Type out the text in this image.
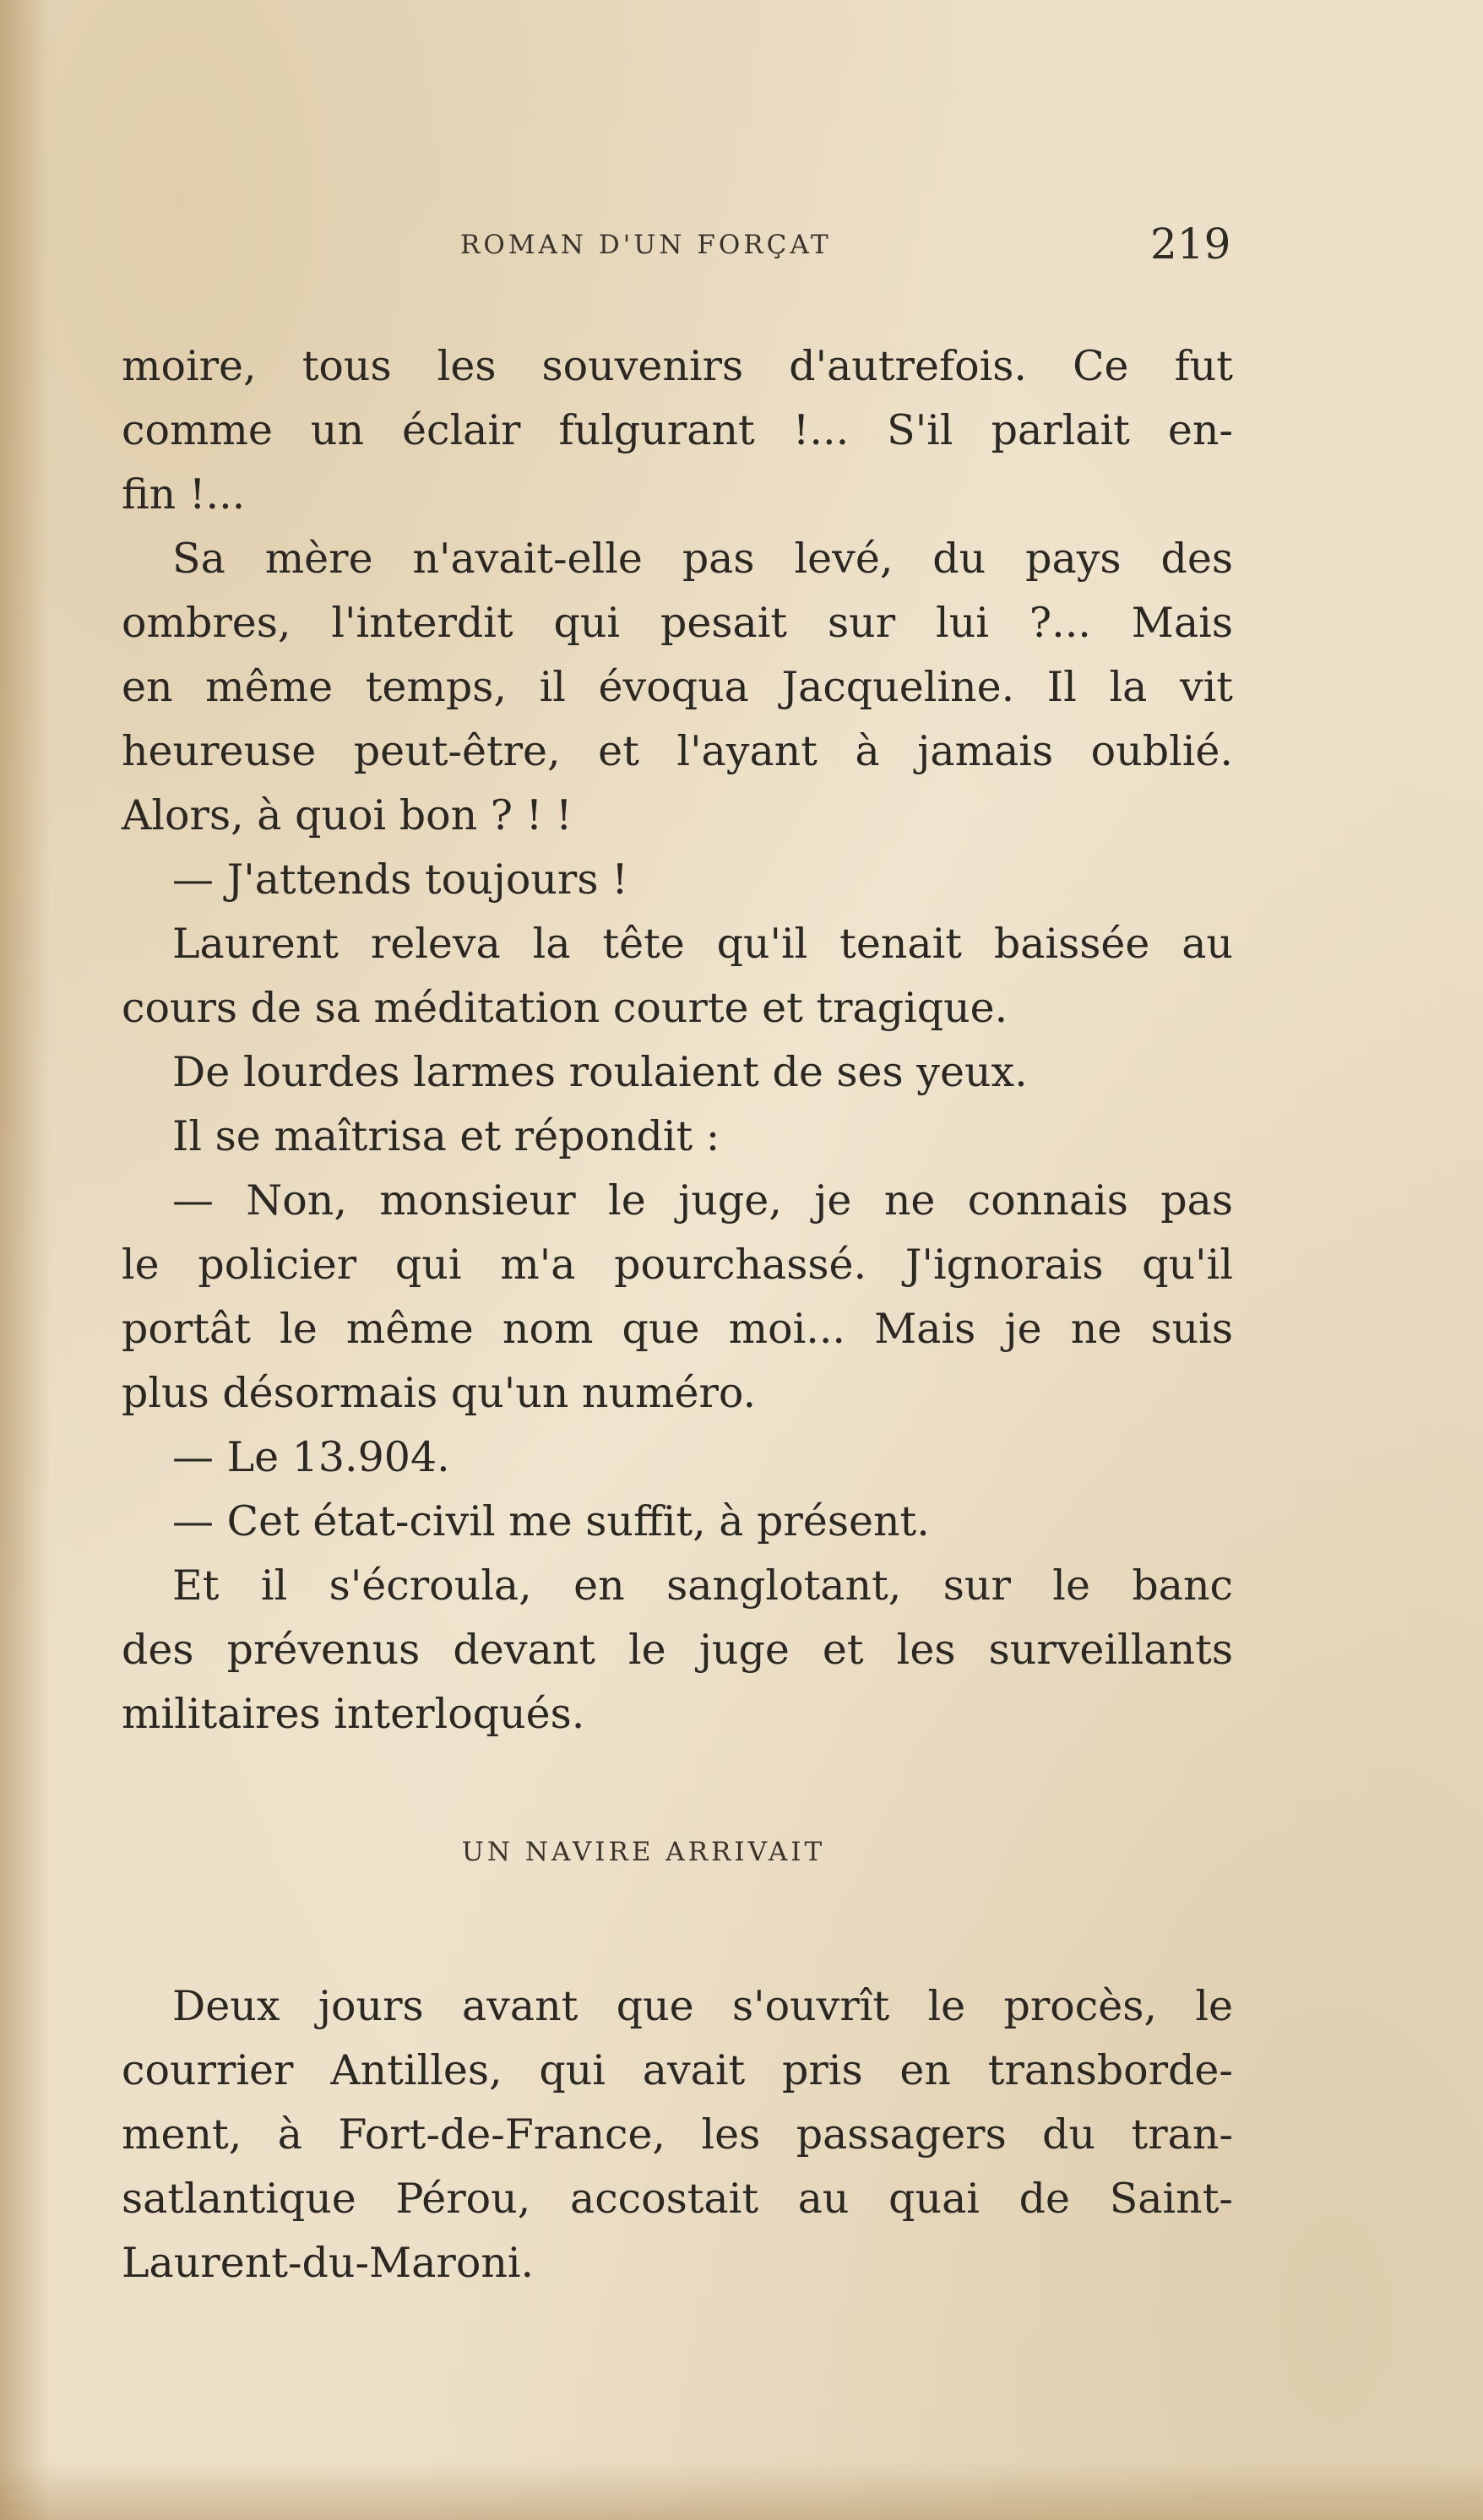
ROMAN D'UN FORÇAT	219
moire, tous les souvenirs d'autrefois. Ce fut
comme un éclair fulgurant !... S'il parlait en-
fin !...
Sa mère n'avait-elle pas levé, du pays des
ombres, l'interdit qui pesait sur lui ?... Mais
en même temps, il évoqua Jacqueline. Il la vit
heureuse peut-être, et l'ayant à jamais oublié.
Alors, à quoi bon ? ! !
— J'attends toujours !
Laurent releva la tête qu'il tenait baissée au
cours de sa méditation courte et tragique.
De lourdes larmes roulaient de ses yeux.
Il se maîtrisa et répondit :
— Non, monsieur le juge, je ne connais pas
le policier qui m'a pourchassé. J'ignorais qu'il
portât le même nom que moi... Mais je ne suis
plus désormais qu'un numéro.
— Le 13.904.
— Cet état-civil me suffit, à présent.
Et il s'écroula, en sanglotant, sur le banc
des prévenus devant le juge et les surveillants
militaires interloqués.
UN NAVIRE ARRIVAIT
Deux jours avant que s'ouvrît le procès, le
courrier Antilles, qui avait pris en transborde-
ment, à Fort-de-France, les passagers du tran-
satlantique Pérou, accostait au quai de Saint-
Laurent-du-Maroni.
